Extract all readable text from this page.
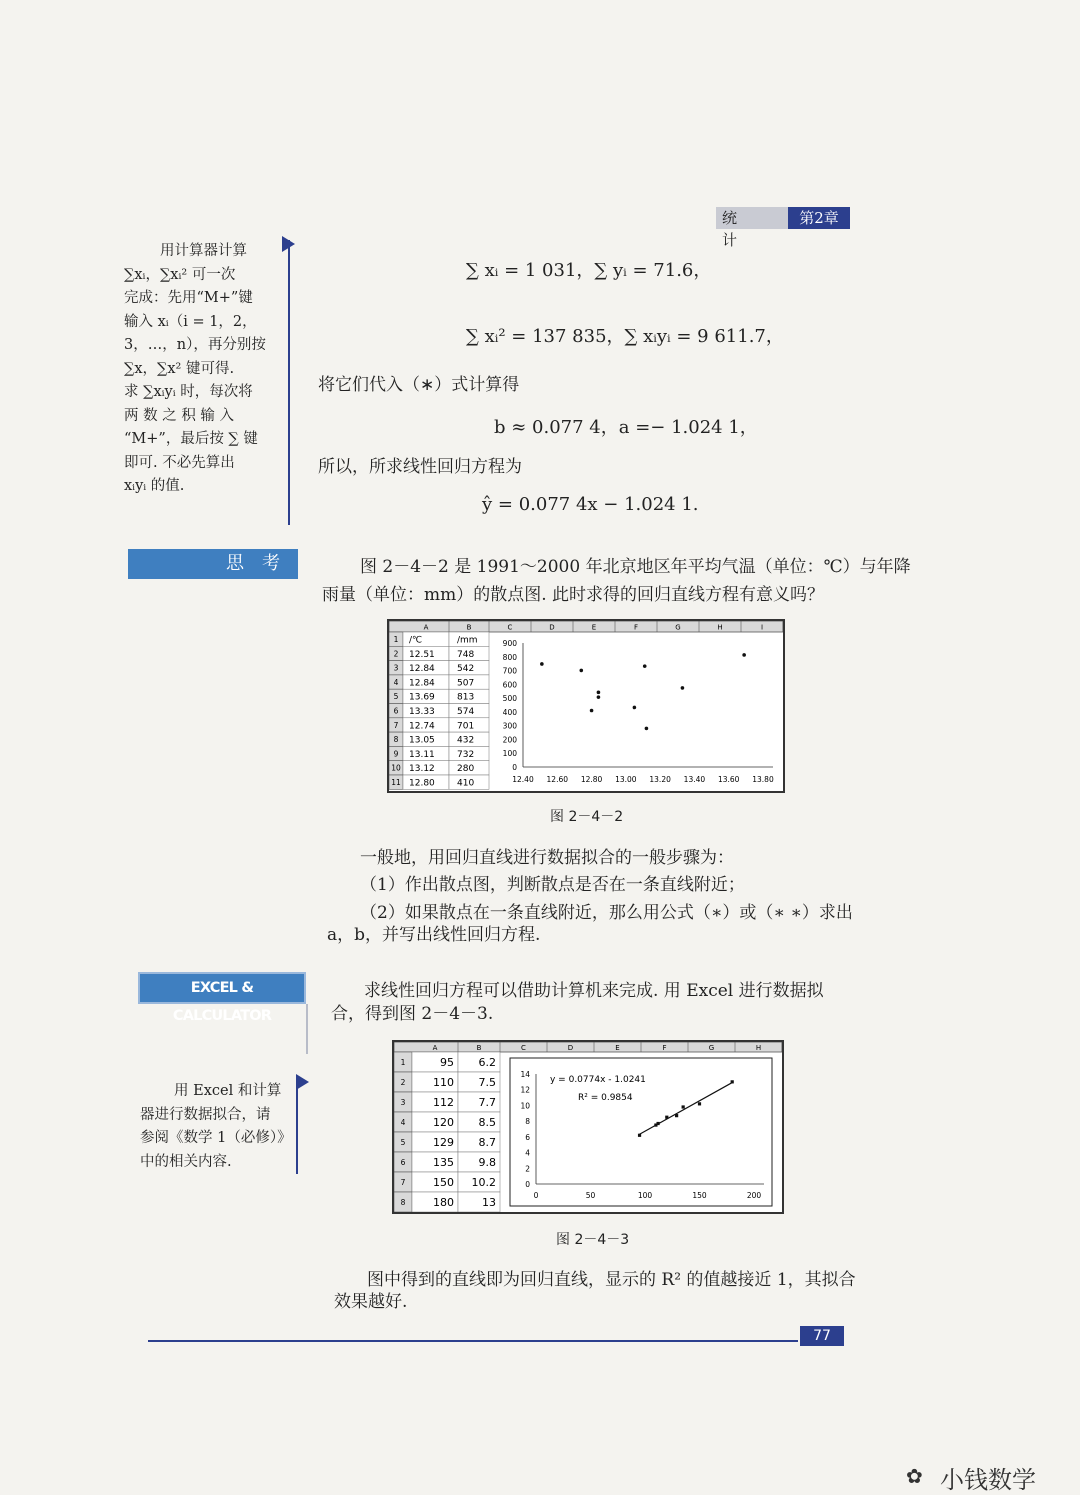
统 计
第2章
用计算器计算
∑xᵢ，∑xᵢ² 可一次
完成：先用“M+”键
输入 xᵢ（i = 1，2，
3，…，n），再分别按
∑x，∑x² 键可得.
求 ∑xᵢyᵢ 时，每次将
两 数 之 积 输 入
“M+”，最后按 ∑ 键
即可. 不必先算出
xᵢyᵢ 的值.
∑ xᵢ = 1 031，∑ yᵢ = 71.6，
∑ xᵢ² = 137 835，∑ xᵢyᵢ = 9 611.7，
将它们代入（∗）式计算得
b ≈ 0.077 4，a =− 1.024 1，
所以，所求线性回归方程为
ŷ = 0.077 4x − 1.024 1.
思　考	图 2－4－2 是 1991～2000 年北京地区年平均气温（单位：℃）与年降
雨量（单位：mm）的散点图. 此时求得的回归直线方程有意义吗？
A	B	C	D	E	F	G	H	I
1 /℃	/mm
2 12.51 748
3 12.84 542
4 12.84 507
5 13.69 813
6 13.33 574
7 12.74 701
8 13.05 432
9 13.11 732
10 13.12 280
11 12.80 410
900
800
700
600
500
400
300
200
100
0
12.40 12.60 12.80 13.00 13.20 13.40 13.60 13.80
图 2－4－2
一般地，用回归直线进行数据拟合的一般步骤为：
（1）作出散点图，判断散点是否在一条直线附近；
（2）如果散点在一条直线附近，那么用公式（∗）或（∗ ∗）求出
a，b，并写出线性回归方程.
EXCEL & CALCULATOR
求线性回归方程可以借助计算机来完成. 用 Excel 进行数据拟
合，得到图 2－4－3.
用 Excel 和计算
器进行数据拟合，请
参阅《数学 1（必修）》
中的相关内容.
A	B	C	D	E	F	G	H
1	95 6.2
2	110 7.5
3	112 7.7
4	120 8.5
5	129 8.7
6	135 9.8
7	150 10.2
8	180	13
14
12
10
8
6
4
2
0
0	50	100	150	200
y = 0.0774x - 1.0241
R² = 0.9854
图 2－4－3
图中得到的直线即为回归直线，显示的 R² 的值越接近 1，其拟合
效果越好.
77
小钱数学
✿
